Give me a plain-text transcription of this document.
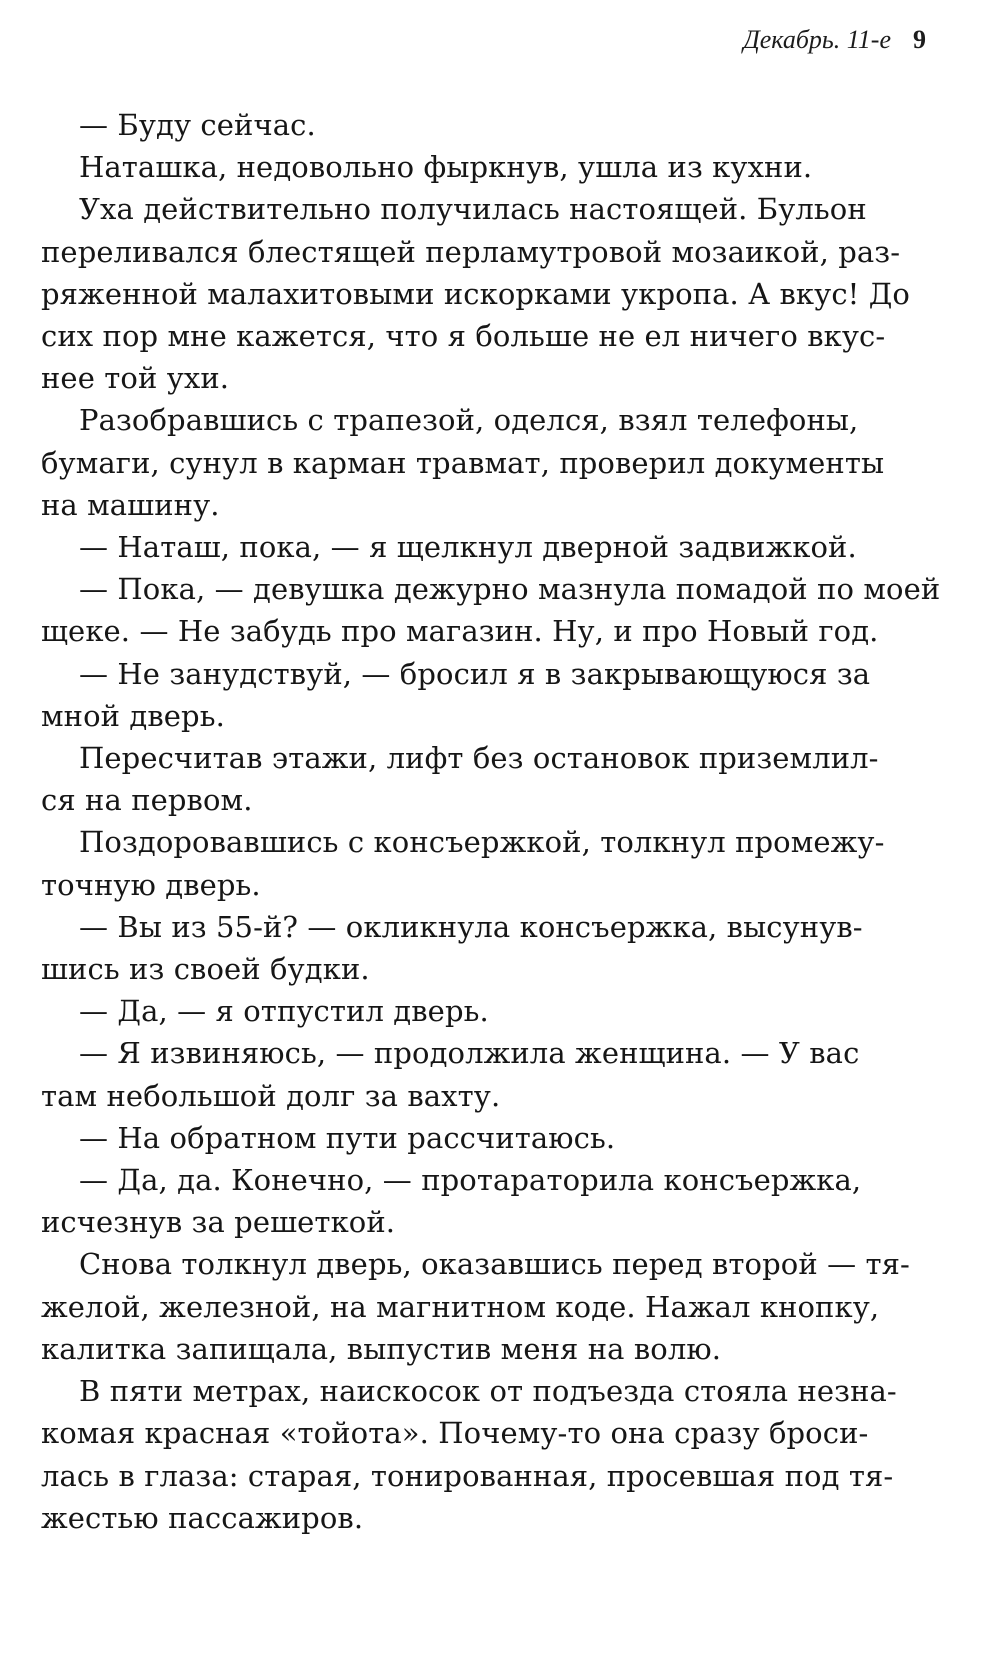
Декабрь. 11-е 9
— Буду сейчас.
Наташка, недовольно фыркнув, ушла из кухни.
Уха действительно получилась настоящей. Бульон
переливался блестящей перламутровой мозаикой, раз-
ряженной малахитовыми искорками укропа. А вкус! До
сих пор мне кажется, что я больше не ел ничего вкус-
нее той ухи.
Разобравшись с трапезой, оделся, взял телефоны,
бумаги, сунул в карман травмат, проверил документы
на машину.
— Наташ, пока, — я щелкнул дверной задвижкой.
— Пока, — девушка дежурно мазнула помадой по моей
щеке. — Не забудь про магазин. Ну, и про Новый год.
— Не занудствуй, — бросил я в закрывающуюся за
мной дверь.
Пересчитав этажи, лифт без остановок приземлил-
ся на первом.
Поздоровавшись с консъержкой, толкнул промежу-
точную дверь.
— Вы из 55-й? — окликнула консъержка, высунув-
шись из своей будки.
— Да, — я отпустил дверь.
— Я извиняюсь, — продолжила женщина. — У вас
там небольшой долг за вахту.
— На обратном пути рассчитаюсь.
— Да, да. Конечно, — протараторила консъержка,
исчезнув за решеткой.
Снова толкнул дверь, оказавшись перед второй — тя-
желой, железной, на магнитном коде. Нажал кнопку,
калитка запищала, выпустив меня на волю.
В пяти метрах, наискосок от подъезда стояла незна-
комая красная «тойота». Почему-то она сразу броси-
лась в глаза: старая, тонированная, просевшая под тя-
жестью пассажиров.
